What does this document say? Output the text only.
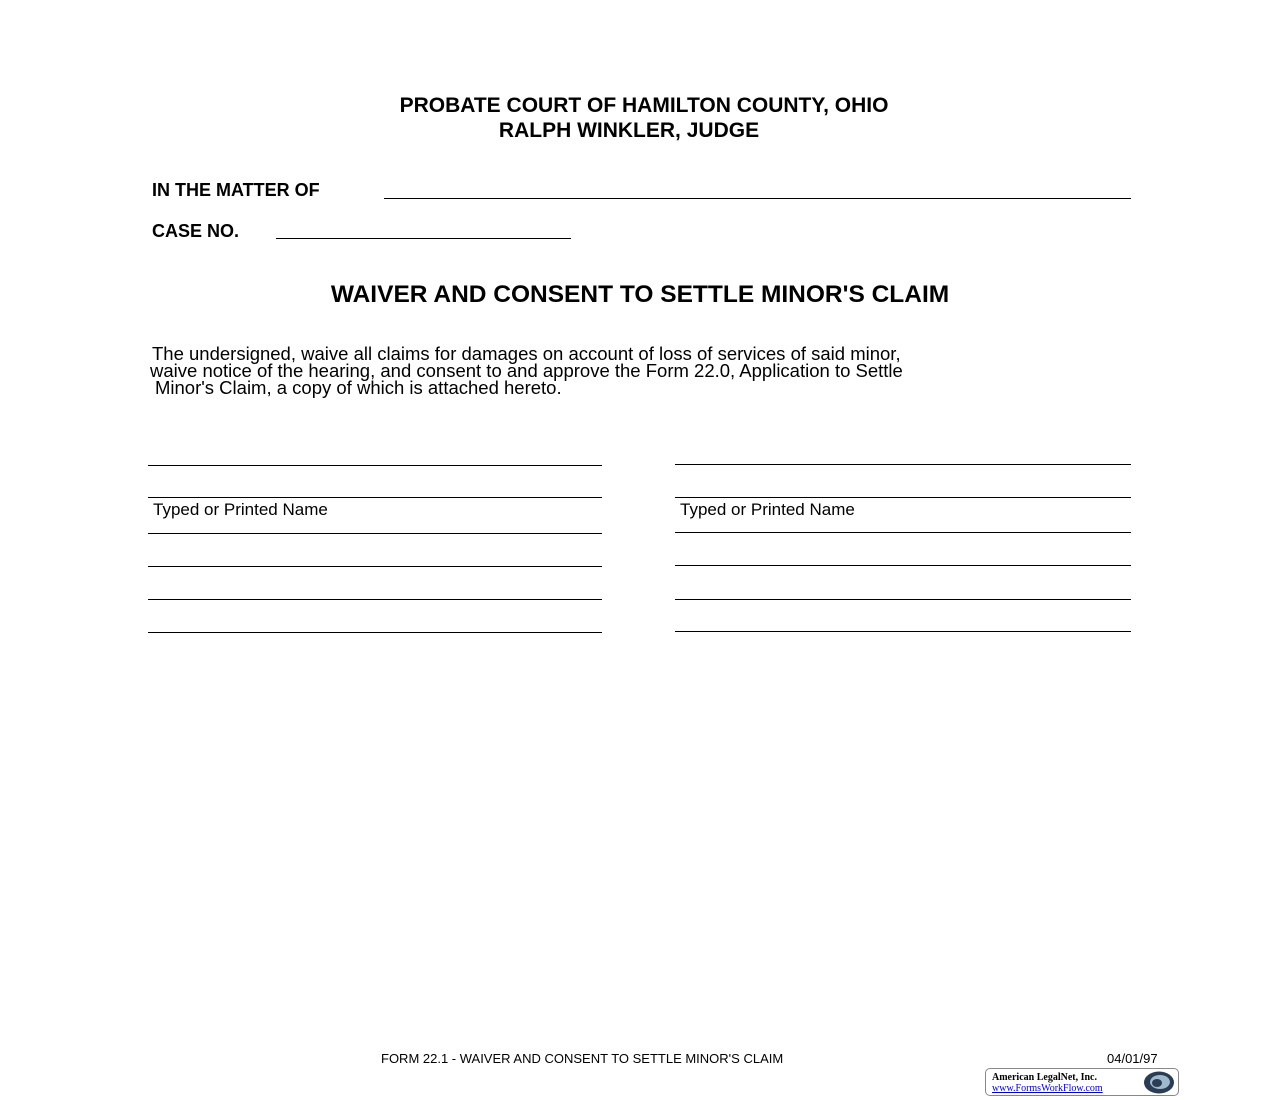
PROBATE COURT OF HAMILTON COUNTY, OHIO
RALPH WINKLER, JUDGE
IN THE MATTER OF
CASE NO.
WAIVER AND CONSENT TO SETTLE MINOR'S CLAIM
The undersigned, waive all claims for damages on account of loss of services of said minor,
waive notice of the hearing, and consent to and approve the Form 22.0, Application to Settle
Minor's Claim, a copy of which is attached hereto.
Typed or Printed Name	Typed or Printed Name
FORM 22.1 - WAIVER AND CONSENT TO SETTLE MINOR'S CLAIM	04/01/97
American LegalNet, Inc.
www.FormsWorkFlow.com
